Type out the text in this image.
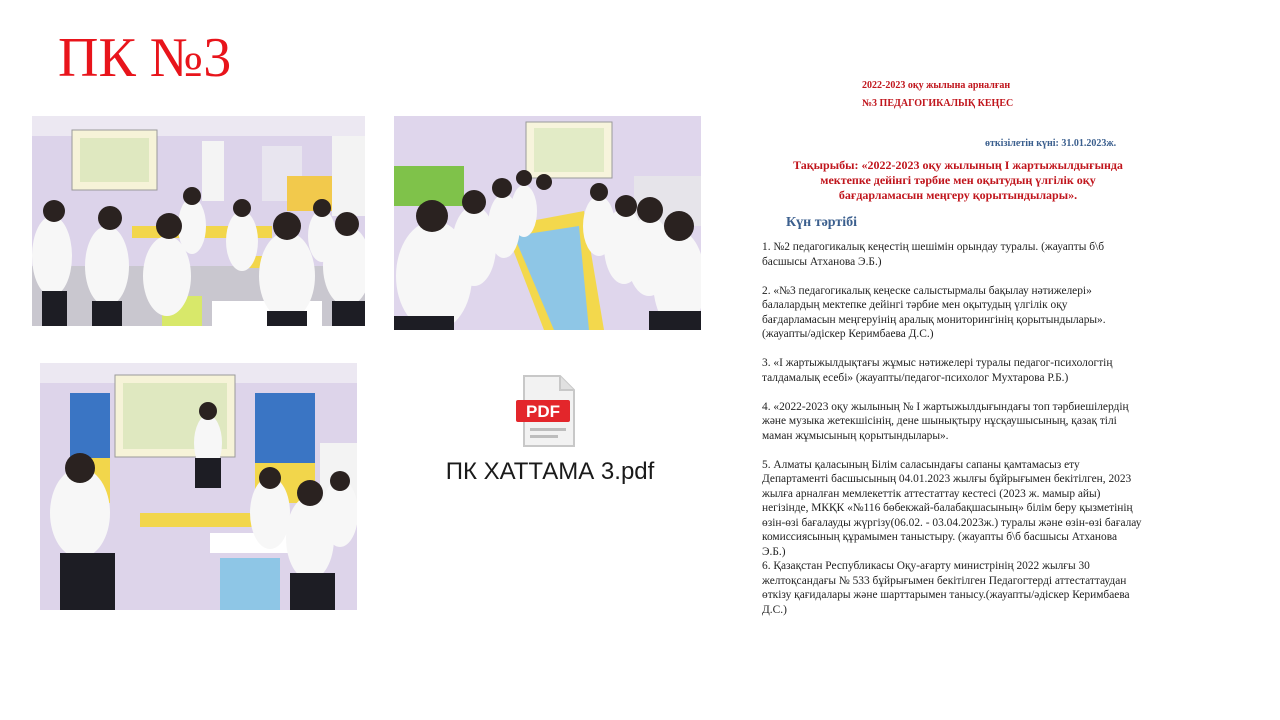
ПК №3
PDF
ПК ХАТТАМА 3.pdf
2022-2023 оқу жылына арналған
№3 ПЕДАГОГИКАЛЫҚ КЕҢЕС
өткізілетін күні: 31.01.2023ж.
Тақырыбы: «2022-2023 оқу жылының І жартыжылдығында мектепке дейінгі тәрбие мен оқытудың үлгілік оқу бағдарламасын меңгеру қорытындылары».
Күн тәртібі

1. №2 педагогикалық кеңестің шешімін орындау туралы. (жауапты б\б басшысы Атханова Э.Б.)

2. «№3 педагогикалық кеңеске салыстырмалы бақылау нәтижелері» балалардың мектепке дейінгі тәрбие мен оқытудың үлгілік оқу бағдарламасын меңгеруінің аралық мониторингінің қорытындылары». (жауапты/әдіскер Керимбаева Д.С.)

3. «І жартыжылдықтағы жұмыс нәтижелері туралы педагог-психологтің талдамалық есебі» (жауапты/педагог-психолог Мухтарова Р.Б.)

4. «2022-2023 оқу жылының № І жартыжылдығындағы топ тәрбиешілердің және музыка жетекшісінің, дене шынықтыру нұсқаушысының, қазақ тілі маман жұмысының қорытындылары».

5. Алматы қаласының Білім саласындағы сапаны қамтамасыз ету Департаменті басшысының 04.01.2023 жылғы бұйрығымен бекітілген, 2023 жылға арналған мемлекеттік аттестаттау кестесі (2023 ж. мамыр айы) негізінде, МКҚК «№116 бөбекжай-балабақшасының» білім беру қызметінің өзін-өзі бағалауды жүргізу(06.02. - 03.04.2023ж.) туралы және өзін-өзі бағалау комиссиясының құрамымен таныстыру. (жауапты б\б басшысы Атханова Э.Б.)

6. Қазақстан Республикасы Оқу-ағарту министрінің 2022 жылғы 30 желтоқсандағы № 533 бұйрығымен бекітілген Педагогтерді аттестаттаудан өткізу қағидалары және шарттарымен таныcу.(жауапты/әдіскер Керимбаева Д.С.)
